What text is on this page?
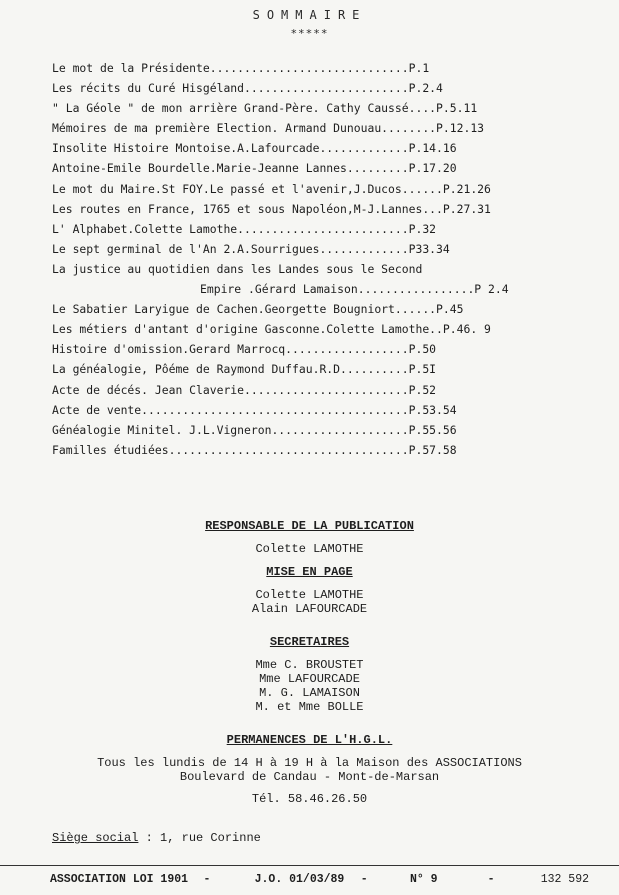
SOMMAIRE
*****
Le mot de la Présidente.............................P.1
Les récits du Curé Hisgéland........................P.2.4
" La Géole " de mon arrière Grand-Père. Cathy Caussé....P.5.11
Mémoires de ma première Election. Armand Dunouau........P.12.13
Insolite Histoire Montoise.A.Lafourcade.............P.14.16
Antoine-Emile Bourdelle.Marie-Jeanne Lannes.........P.17.20
Le mot du Maire.St FOY.Le passé et l'avenir,J.Ducos......P.21.26
Les routes en France, 1765 et sous Napoléon,M-J.Lannes...P.27.31
L' Alphabet.Colette Lamothe.........................P.32
Le sept germinal de l'An 2.A.Sourrigues.............P33.34
La justice au quotidien dans les Landes sous le Second
Empire .Gérard Lamaison.................P 2.4
Le Sabatier Laryigue de Cachen.Georgette Bougniort......P.45
Les métiers d'antant d'origine Gasconne.Colette Lamothe..P.46. 9
Histoire d'omission.Gerard Marrocq..................P.50
La généalogie, Pôéme de Raymond Duffau.R.D..........P.5I
Acte de décés. Jean Claverie........................P.52
Acte de vente.......................................P.53.54
Généalogie Minitel. J.L.Vigneron....................P.55.56
Familles étudiées...................................P.57.58

RESPONSABLE DE LA PUBLICATION

Colette LAMOTHE

MISE EN PAGE

Colette LAMOTHE

Alain LAFOURCADE

SECRETAIRES

Mme C. BROUSTET

Mme LAFOURCADE

M. G. LAMAISON

M. et Mme BOLLE

PERMANENCES DE L'H.G.L.

Tous les lundis de 14 H à 19 H à la Maison des ASSOCIATIONS

Boulevard de Candau - Mont-de-Marsan

Tél. 58.46.26.50

Siège social : 1, rue Corinne
ASSOCIATION LOI 1901	-	J.O. 01/03/89	-	N° 9	-	132 592
